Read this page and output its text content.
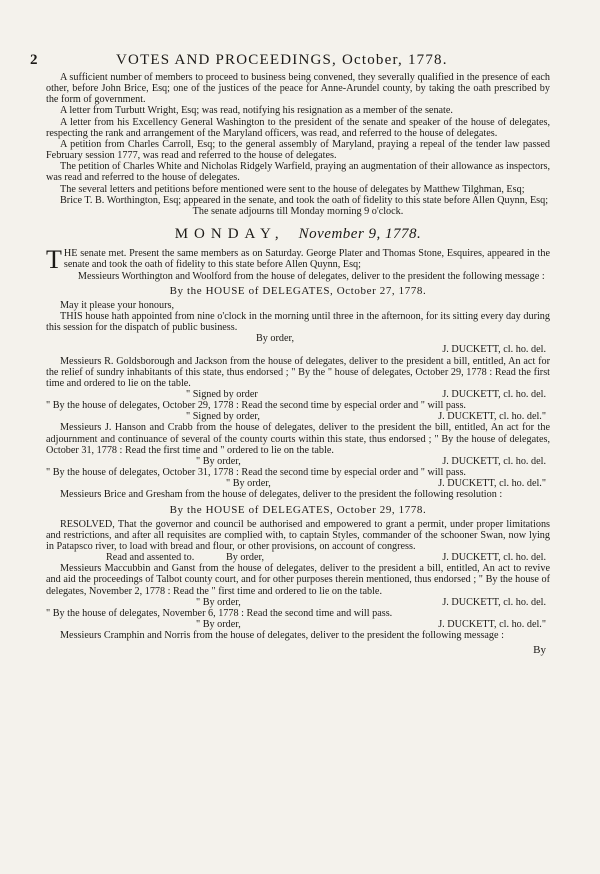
2	VOTES AND PROCEEDINGS, October, 1778.

A sufficient number of members to proceed to business being convened, they severally qualified in the presence of each other, before John Brice, Esq; one of the justices of the peace for Anne-Arundel county, by taking the oath prescribed by the form of government.

A letter from Turbutt Wright, Esq; was read, notifying his resignation as a member of the senate.

A letter from his Excellency General Washington to the president of the senate and speaker of the house of delegates, respecting the rank and arrangement of the Maryland officers, was read, and referred to the house of delegates.

A petition from Charles Carroll, Esq; to the general assembly of Maryland, praying a repeal of the tender law passed February session 1777, was read and referred to the house of delegates.

The petition of Charles White and Nicholas Ridgely Warfield, praying an augmentation of their allowance as inspectors, was read and referred to the house of delegates.

The several letters and petitions before mentioned were sent to the house of delegates by Matthew Tilghman, Esq;

Brice T. B. Worthington, Esq; appeared in the senate, and took the oath of fidelity to this state before Allen Quynn, Esq;

The senate adjourns till Monday morning 9 o'clock.

MONDAY, November 9, 1778.

THE senate met. Present the same members as on Saturday. George Plater and Thomas Stone, Esquires, appeared in the senate and took the oath of fidelity to this state before Allen Quynn, Esq;

Messieurs Worthington and Woolford from the house of delegates, deliver to the president the following message :

By the HOUSE of DELEGATES, October 27, 1778.

May it please your honours,

THIS house hath appointed from nine o'clock in the morning until three in the afternoon, for its sitting every day during this session for the dispatch of public business.

By order,
J. DUCKETT, cl. ho. del.

Messieurs R. Goldsborough and Jackson from the house of delegates, deliver to the president a bill, entitled, An act for the relief of sundry inhabitants of this state, thus endorsed ; " By the " house of delegates, October 29, 1778 : Read the first time and ordered to lie on the table.

" Signed by order	J. DUCKETT, cl. ho. del.

" By the house of delegates, October 29, 1778 : Read the second time by especial order and " will pass.

" Signed by order,	J. DUCKETT, cl. ho. del."

Messieurs J. Hanson and Crabb from the house of delegates, deliver to the president the bill, entitled, An act for the adjournment and continuance of several of the county courts within this state, thus endorsed ; " By the house of delegates, October 31, 1778 : Read the first time and " ordered to lie on the table.

" By order,	J. DUCKETT, cl. ho. del.

" By the house of delegates, October 31, 1778 : Read the second time by especial order and " will pass.

" By order,	J. DUCKETT, cl. ho. del."

Messieurs Brice and Gresham from the house of delegates, deliver to the president the following resolution :

By the HOUSE of DELEGATES, October 29, 1778.

RESOLVED, That the governor and council be authorised and empowered to grant a permit, under proper limitations and restrictions, and after all requisites are complied with, to captain Styles, commander of the schooner Swan, now lying in Patapsco river, to load with bread and flour, or other provisions, on account of congress.

Read and assented to.	By order,	J. DUCKETT, cl. ho. del.

Messieurs Maccubbin and Ganst from the house of delegates, deliver to the president a bill, entitled, An act to revive and aid the proceedings of Talbot county court, and for other purposes therein mentioned, thus endorsed ; " By the house of delegates, November 2, 1778 : Read the " first time and ordered to lie on the table.

" By order,	J. DUCKETT, cl. ho. del.

" By the house of delegates, November 6, 1778 : Read the second time and will pass.

" By order,	J. DUCKETT, cl. ho. del."

Messieurs Cramphin and Norris from the house of delegates, deliver to the president the following message :

By
